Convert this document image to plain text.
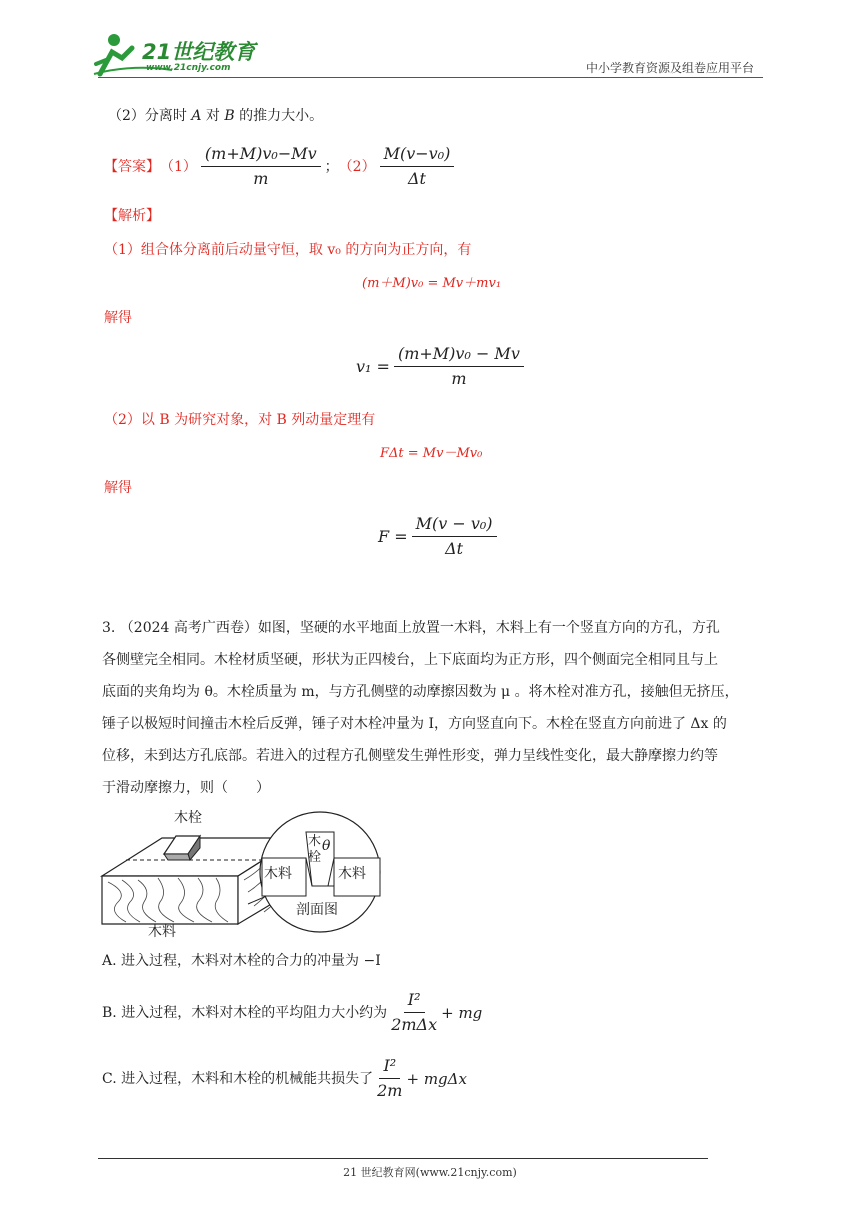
21世纪教育
www.21cnjy.com	中小学教育资源及组卷应用平台
（2）分离时 A 对 B 的推力大小。
【答案】 $(1) \frac{\text{(m+M)v₀−Mv}}{m}$ ； $(2) \frac{\text{M(v−v₀)}}{\Delta t}$
【解析】
（1）组合体分离前后动量守恒，取 v₀ 的方向为正方向，有
(m＋M)v₀ = Mv＋mv₁
解得
$v_1 = \frac{\text{(m+M)v₀ − Mv}}{m}$
（2）以 B 为研究对象，对 B 列动量定理有
FΔt = Mv－Mv₀
解得
$F = \frac{\text{M(v − v₀)}}{\Delta t}$
3. （2024 高考广西卷）如图，坚硬的水平地面上放置一木料，木料上有一个竖直方向的方孔，方孔
各侧壁完全相同。木栓材质坚硬，形状为正四棱台，上下底面均为正方形，四个侧面完全相同且与上
底面的夹角均为 θ。木栓质量为 m，与方孔侧壁的动摩擦因数为 μ 。将木栓对准方孔，接触但无挤压，
锤子以极短时间撞击木栓后反弹，锤子对木栓冲量为 I，方向竖直向下。木栓在竖直方向前进了 Δx 的
位移，未到达方孔底部。若进入的过程方孔侧壁发生弹性形变，弹力呈线性变化，最大静摩擦力约等
于滑动摩擦力，则（　　）
木栓
木料
木料	木料
木
栓
θ
剖面图
A. 进入过程，木料对木栓的合力的冲量为 −I
B. 进入过程，木料对木栓的平均阻力大小约为 $\frac{\text{I²}}{\text{2mΔx}}$ + mg
C. 进入过程，木料和木栓的机械能共损失了 $\frac{\text{I²}}{2m} + mg\Delta x$
21 世纪教育网(www.21cnjy.com)
